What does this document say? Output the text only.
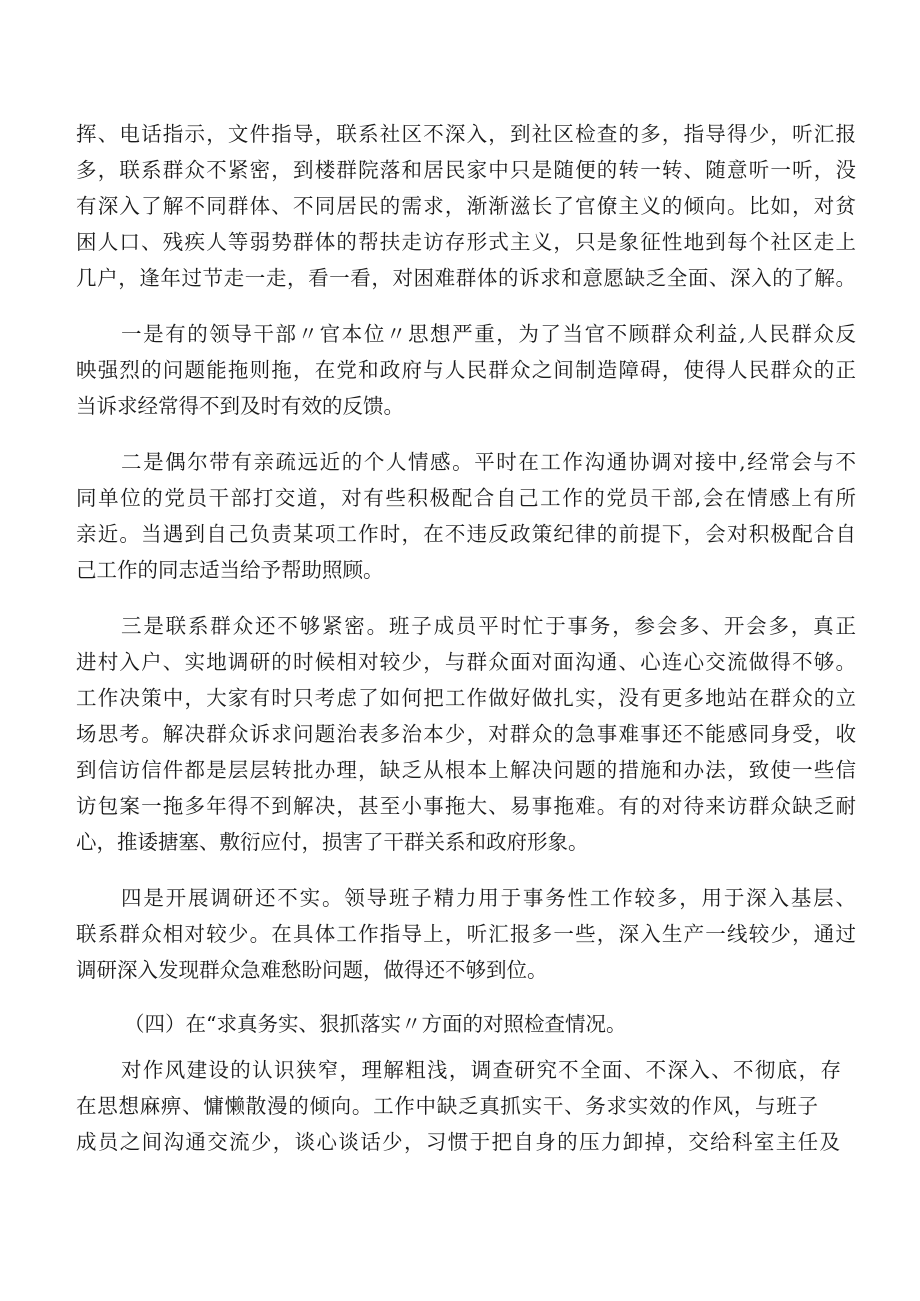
挥、电话指示，文件指导，联系社区不深入，到社区检查的多，指导得少，听汇报
多，联系群众不紧密，到楼群院落和居民家中只是随便的转一转、随意听一听，没
有深入了解不同群体、不同居民的需求，渐渐滋长了官僚主义的倾向。比如，对贫
困人口、残疾人等弱势群体的帮扶走访存形式主义，只是象征性地到每个社区走上
几户，逢年过节走一走，看一看，对困难群体的诉求和意愿缺乏全面、深入的了解。
一是有的领导干部〃官本位〃思想严重，为了当官不顾群众利益,人民群众反
映强烈的问题能拖则拖，在党和政府与人民群众之间制造障碍，使得人民群众的正
当诉求经常得不到及时有效的反馈。
二是偶尔带有亲疏远近的个人情感。平时在工作沟通协调对接中,经常会与不
同单位的党员干部打交道，对有些积极配合自己工作的党员干部,会在情感上有所
亲近。当遇到自己负责某项工作时，在不违反政策纪律的前提下，会对积极配合自
己工作的同志适当给予帮助照顾。
三是联系群众还不够紧密。班子成员平时忙于事务，参会多、开会多，真正
进村入户、实地调研的时候相对较少，与群众面对面沟通、心连心交流做得不够。
工作决策中，大家有时只考虑了如何把工作做好做扎实，没有更多地站在群众的立
场思考。解决群众诉求问题治表多治本少，对群众的急事难事还不能感同身受，收
到信访信件都是层层转批办理，缺乏从根本上解决问题的措施和办法，致使一些信
访包案一拖多年得不到解决，甚至小事拖大、易事拖难。有的对待来访群众缺乏耐
心，推诿搪塞、敷衍应付，损害了干群关系和政府形象。
四是开展调研还不实。领导班子精力用于事务性工作较多，用于深入基层、
联系群众相对较少。在具体工作指导上，听汇报多一些，深入生产一线较少，通过
调研深入发现群众急难愁盼问题，做得还不够到位。
（四）在“求真务实、狠抓落实〃方面的对照检查情况。
对作风建设的认识狭窄，理解粗浅，调查研究不全面、不深入、不彻底，存
在思想麻痹、慵懒散漫的倾向。工作中缺乏真抓实干、务求实效的作风，与班子
成员之间沟通交流少，谈心谈话少，习惯于把自身的压力卸掉，交给科室主任及
